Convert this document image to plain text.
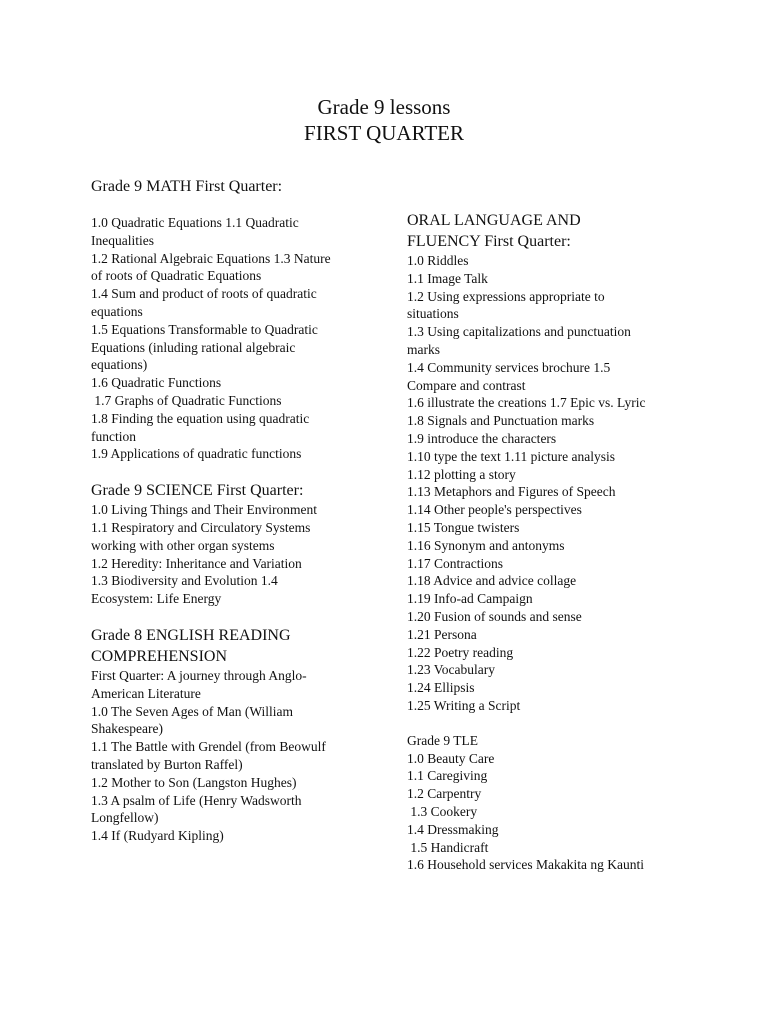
Grade 9 lessons
FIRST QUARTER
Grade 9 MATH First Quarter:
1.0 Quadratic Equations 1.1 Quadratic
Inequalities
1.2 Rational Algebraic Equations 1.3 Nature
of roots of Quadratic Equations
1.4 Sum and product of roots of quadratic
equations
1.5 Equations Transformable to Quadratic
Equations (inluding rational algebraic
equations)
1.6 Quadratic Functions
1.7 Graphs of Quadratic Functions
1.8 Finding the equation using quadratic
function
1.9 Applications of quadratic functions
Grade 9 SCIENCE First Quarter:
1.0 Living Things and Their Environment
1.1 Respiratory and Circulatory Systems
working with other organ systems
1.2 Heredity: Inheritance and Variation
1.3 Biodiversity and Evolution 1.4
Ecosystem: Life Energy
Grade 8 ENGLISH READING
COMPREHENSION
First Quarter: A journey through Anglo-
American Literature
1.0 The Seven Ages of Man (William
Shakespeare)
1.1 The Battle with Grendel (from Beowulf
translated by Burton Raffel)
1.2 Mother to Son (Langston Hughes)
1.3 A psalm of Life (Henry Wadsworth
Longfellow)
1.4 If (Rudyard Kipling)
ORAL LANGUAGE AND
FLUENCY First Quarter:
1.0 Riddles
1.1 Image Talk
1.2 Using expressions appropriate to
situations
1.3 Using capitalizations and punctuation
marks
1.4 Community services brochure 1.5
Compare and contrast
1.6 illustrate the creations 1.7 Epic vs. Lyric
1.8 Signals and Punctuation marks
1.9 introduce the characters
1.10 type the text 1.11 picture analysis
1.12 plotting a story
1.13 Metaphors and Figures of Speech
1.14 Other people's perspectives
1.15 Tongue twisters
1.16 Synonym and antonyms
1.17 Contractions
1.18 Advice and advice collage
1.19 Info-ad Campaign
1.20 Fusion of sounds and sense
1.21 Persona
1.22 Poetry reading
1.23 Vocabulary
1.24 Ellipsis
1.25 Writing a Script
Grade 9 TLE
1.0 Beauty Care
1.1 Caregiving
1.2 Carpentry
1.3 Cookery
1.4 Dressmaking
1.5 Handicraft
1.6 Household services Makakita ng Kaunti
